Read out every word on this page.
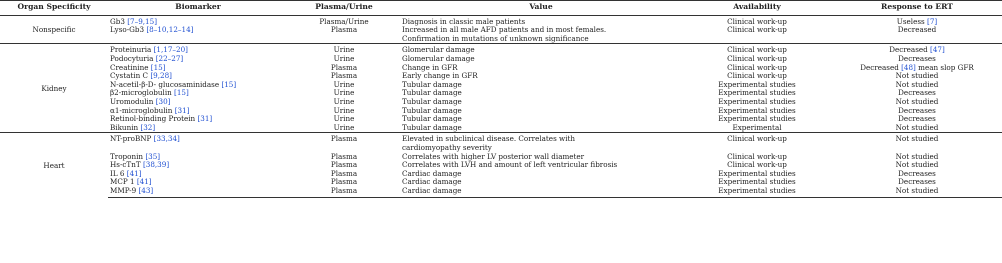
Organ Specificity	Biomarker	Plasma/Urine	Value	Availability	Response to ERT
Nonspecific	Gb3 [7–9,15]	Plasma/Urine	Diagnosis in classic male patients	Clinical work-up	Useless [7]
	Lyso-Gb3 [8–10,12–14]	Plasma	Increased in all male AFD patients and in most females.
Confirmation in mutations of unknown significance	Clinical work-up	Decreased
Kidney	Proteinuria [1,17–20]	Urine	Glomerular damage	Clinical work-up	Decreased [47]
	Podocyturia [22–27]	Urine	Glomerular damage	Clinical work-up	Decreases
	Creatinine [15]	Plasma	Change in GFR	Clinical work-up	Decreased [48] mean slop GFR
	Cystatin C [9,28]	Plasma	Early change in GFR	Clinical work-up	Not studied
	N-acetil-β-D- glucosaminidase [15]	Urine	Tubular damage	Experimental studies	Not studied
	β2-microglobulin [15]	Urine	Tubular damage	Experimental studies	Decreases
	Uromodulin [30]	Urine	Tubular damage	Experimental studies	Not studied
	α1-microglobulin [31]	Urine	Tubular damage	Experimental studies	Decreases
	Retinol-binding Protein [31]	Urine	Tubular damage	Experimental studies	Decreases
	Bikunin [32]	Urine	Tubular damage	Experimental	Not studied
Heart	NT-proBNP [33,34]	Plasma	Elevated in subclinical disease. Correlates with
cardiomyopathy severity	Clinical work-up	Not studied
	Troponin [35]	Plasma	Correlates with higher LV posterior wall diameter	Clinical work-up	Not studied
	Hs-cTnT [38,39]	Plasma	Correlates with LVH and amount of left ventricular fibrosis	Clinical work-up	Not studied
	IL 6 [41]	Plasma	Cardiac damage	Experimental studies	Decreases
	MCP 1 [41]	Plasma	Cardiac damage	Experimental studies	Decreases
	MMP-9 [43]	Plasma	Cardiac damage	Experimental studies	Not studied
